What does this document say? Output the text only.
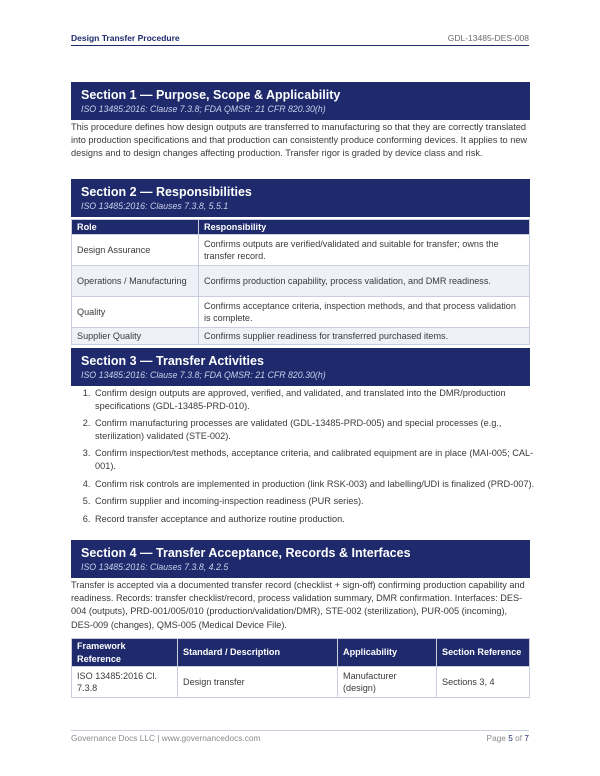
Design Transfer Procedure	GDL-13485-DES-008
Section 1 — Purpose, Scope & Applicability
ISO 13485:2016: Clause 7.3.8; FDA QMSR: 21 CFR 820.30(h)

This procedure defines how design outputs are transferred to manufacturing so that they are correctly translated into production specifications and that production can consistently produce conforming devices. It applies to new designs and to design changes affecting production. Transfer rigor is graded by device class and risk.

Section 2 — Responsibilities
ISO 13485:2016: Clauses 7.3.8, 5.5.1
Role	Responsibility
Design Assurance	Confirms outputs are verified/validated and suitable for transfer; owns the transfer record.
Operations / Manufacturing	Confirms production capability, process validation, and DMR readiness.
Quality	Confirms acceptance criteria, inspection methods, and that process validation is complete.
Supplier Quality	Confirms supplier readiness for transferred purchased items.
Section 3 — Transfer Activities
ISO 13485:2016: Clause 7.3.8; FDA QMSR: 21 CFR 820.30(h)
1. Confirm design outputs are approved, verified, and validated, and translated into the DMR/production specifications (GDL-13485-PRD-010).
2. Confirm manufacturing processes are validated (GDL-13485-PRD-005) and special processes (e.g., sterilization) validated (STE-002).
3. Confirm inspection/test methods, acceptance criteria, and calibrated equipment are in place (MAI-005; CAL-001).
4. Confirm risk controls are implemented in production (link RSK-003) and labelling/UDI is finalized (PRD-007).
5. Confirm supplier and incoming-inspection readiness (PUR series).
6. Record transfer acceptance and authorize routine production.
Section 4 — Transfer Acceptance, Records & Interfaces
ISO 13485:2016: Clauses 7.3.8, 4.2.5

Transfer is accepted via a documented transfer record (checklist + sign-off) confirming production capability and readiness. Records: transfer checklist/record, process validation summary, DMR confirmation. Interfaces: DES-004 (outputs), PRD-001/005/010 (production/validation/DMR), STE-002 (sterilization), PUR-005 (incoming), DES-009 (changes), QMS-005 (Medical Device File).

Framework Reference	Standard / Description	Applicability	Section Reference
ISO 13485:2016 Cl. 7.3.8	Design transfer	Manufacturer (design)	Sections 3, 4
Governance Docs LLC | www.governancedocs.com	Page 5 of 7
